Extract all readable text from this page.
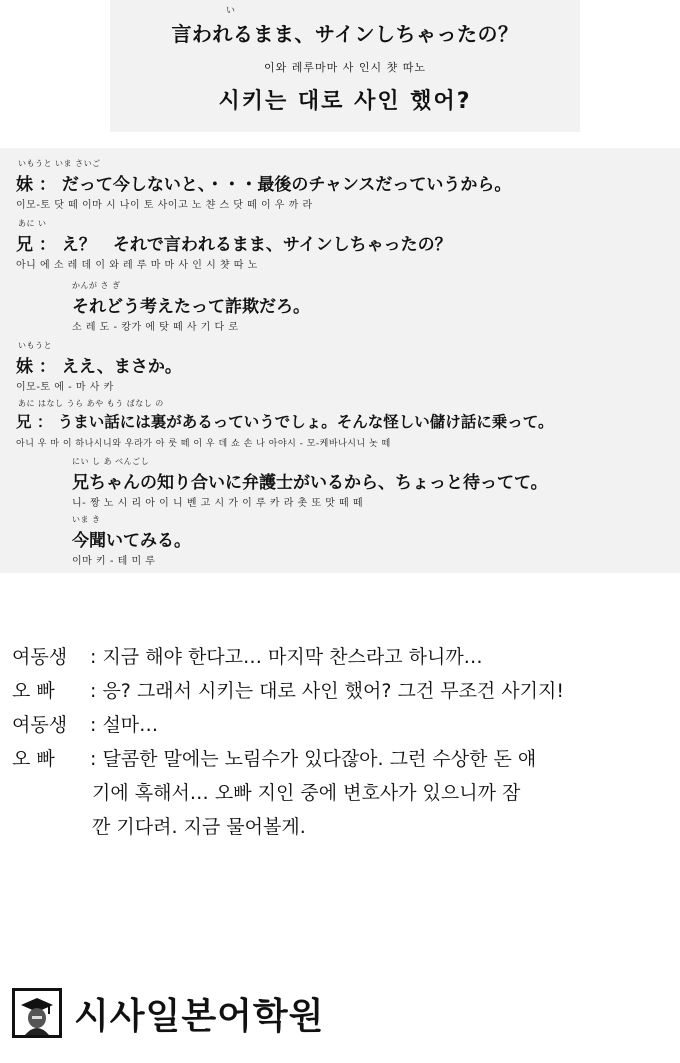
い
言われるまま、サインしちゃったの？
이와 레루마마 사 인시 챳 따노
시키는 대로 사인 했어?
いもうと いま さいご
妹 ： だって今しないと、・・・最後のチャンスだっていうから。
이모-토 닷 떼 이마 시 나이 토 사이고 노 챤 스 닷 떼 이 우 까 라
あに い
兄 ： え？　それで言われるまま、サインしちゃったの？
아니 에 소 레 데 이 와 레 루 마 마 사 인 시 챳 따 노
かんが さ ぎ
それどう考えたって詐欺だろ。
소 레 도 - 캉가 에 탓 떼 사 기 다 로
いもうと
妹 ： ええ、まさか。
이모-토 에 - 마 사 카
あに はなし うら あや もう ばなし の
兄 ： うまい話には裏があるっていうでしょ。そんな怪しい儲け話に乗って。
아니 우 마 이 하나시니와 우라가 아 룻 떼 이 우 데 쇼 손 나 아야시 - 모-케바나시니 놋 떼
にい し あ べんごし
兄ちゃんの知り合いに弁護士がいるから、ちょっと待ってて。
니- 짱 노 시 리 아 이 니 벤 고 시 가 이 루 카 라 촛 또 맛 떼 떼
いま き
今聞いてみる。
이마 키 - 테 미 루
여동생 : 지금 해야 한다고… 마지막 찬스라고 하니까…
오 빠 : 응? 그래서 시키는 대로 사인 했어? 그건 무조건 사기지!
여동생 : 설마…
오 빠 : 달콤한 말에는 노림수가 있다잖아. 그런 수상한 돈 얘
기에 혹해서… 오빠 지인 중에 변호사가 있으니까 잠
깐 기다려. 지금 물어볼게.
시사일본어학원
